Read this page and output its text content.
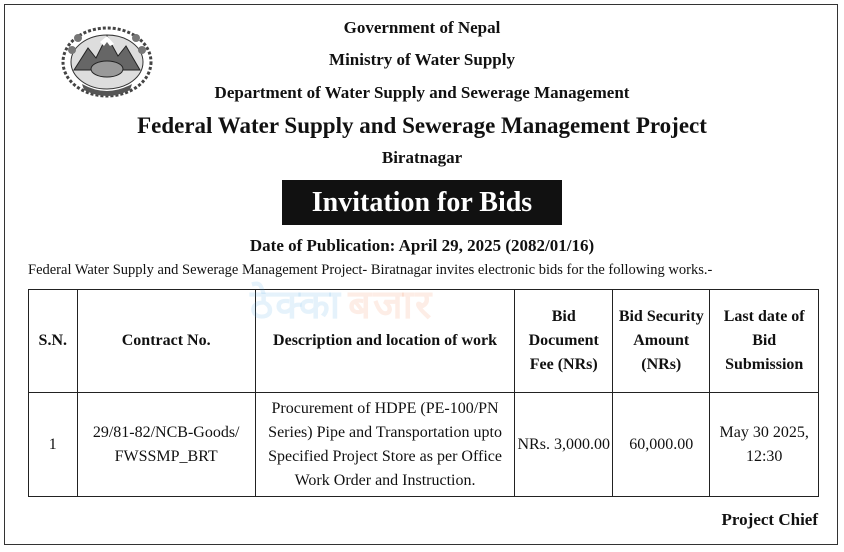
Government of Nepal
Ministry of Water Supply
Department of Water Supply and Sewerage Management
Federal Water Supply and Sewerage Management Project
Biratnagar
Invitation for Bids
Date of Publication: April 29, 2025 (2082/01/16)
Federal Water Supply and Sewerage Management Project- Biratnagar invites electronic bids for the following works.-
S.N.	Contract No.	Description and location of work	Bid Document Fee (NRs)	Bid Security Amount (NRs)	Last date of Bid Submission
1	29/81-82/NCB-Goods/ FWSSMP_BRT	Procurement of HDPE (PE-100/PN Series) Pipe and Transportation upto Specified Project Store as per Office Work Order and Instruction.	NRs. 3,000.00	60,000.00	May 30 2025, 12:30
ठेक्का बजार
Project Chief
